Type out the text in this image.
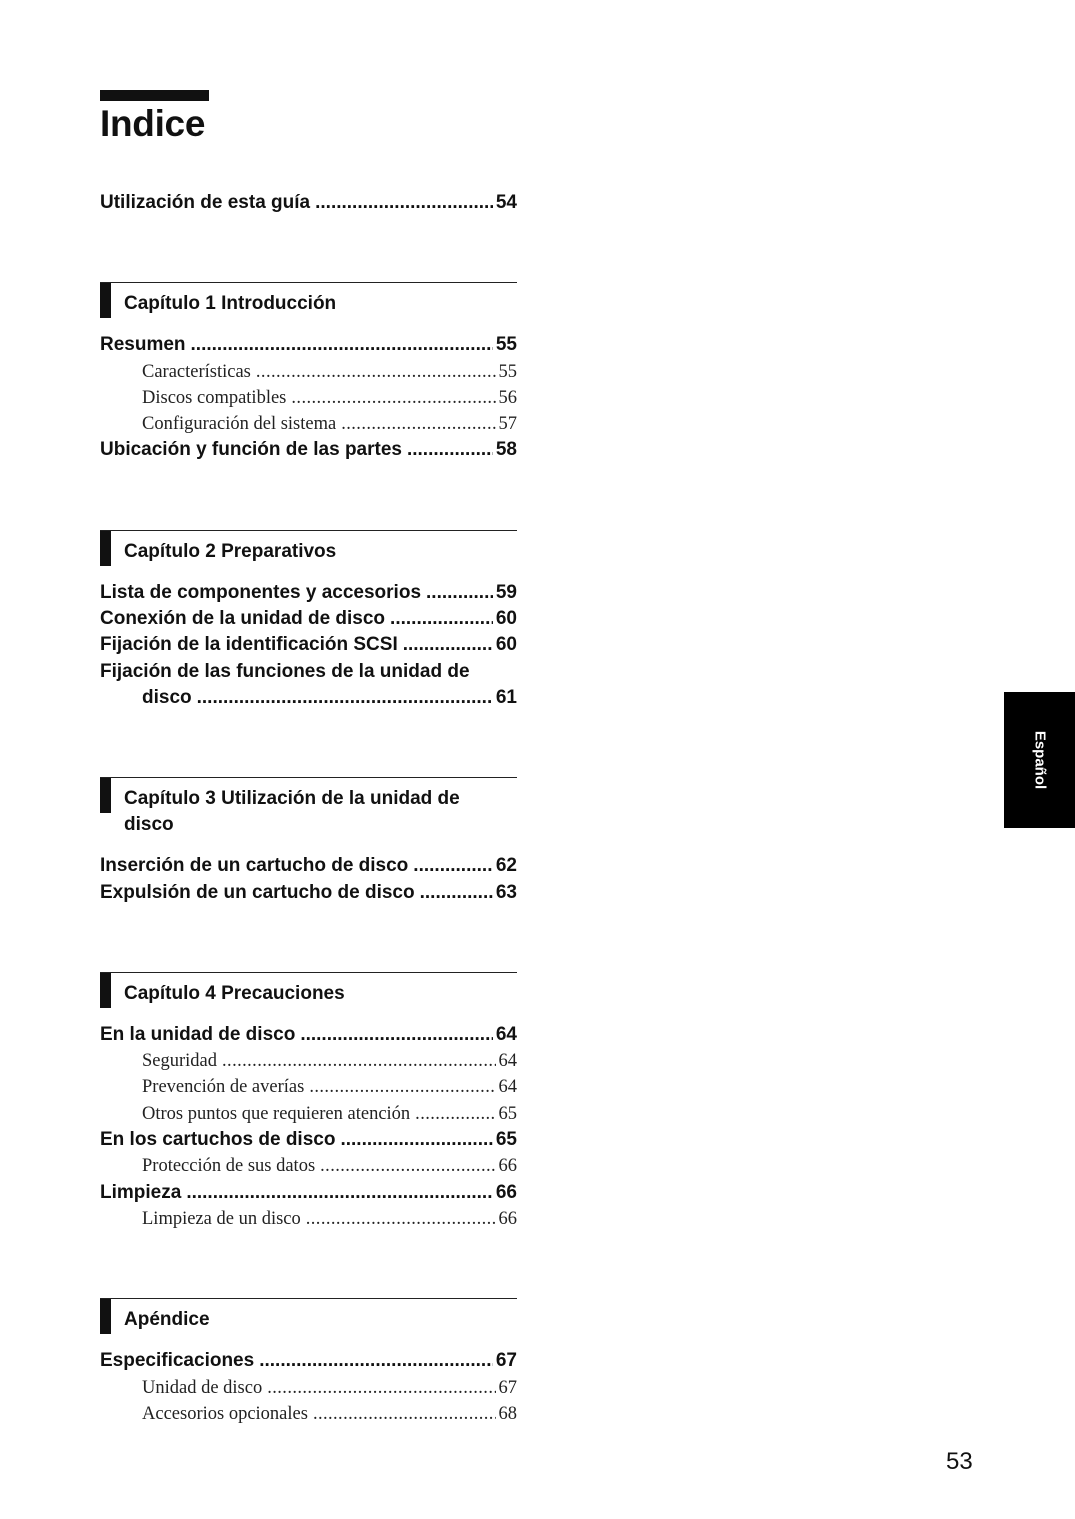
Indice
Utilización de esta guía .....	54
Capítulo 1 Introducción
Resumen .....	55
Características .....	55
Discos compatibles .....	56
Configuración del sistema .....	57
Ubicación y función de las partes .....	58
Capítulo 2 Preparativos
Lista de componentes y accesorios .....	59
Conexión de la unidad de disco .....	60
Fijación de la identificación SCSI .....	60
Fijación de las funciones de la unidad de
disco .....	61
Capítulo 3 Utilización de la unidad de
disco
Inserción de un cartucho de disco .....	62
Expulsión de un cartucho de disco .....	63
Capítulo 4 Precauciones
En la unidad de disco .....	64
Seguridad .....	64
Prevención de averías .....	64
Otros puntos que requieren atención .....	65
En los cartuchos de disco .....	65
Protección de sus datos .....	66
Limpieza .....	66
Limpieza de un disco .....	66
Apéndice
Especificaciones .....	67
Unidad de disco .....	67
Accesorios opcionales .....	68
Español
53
